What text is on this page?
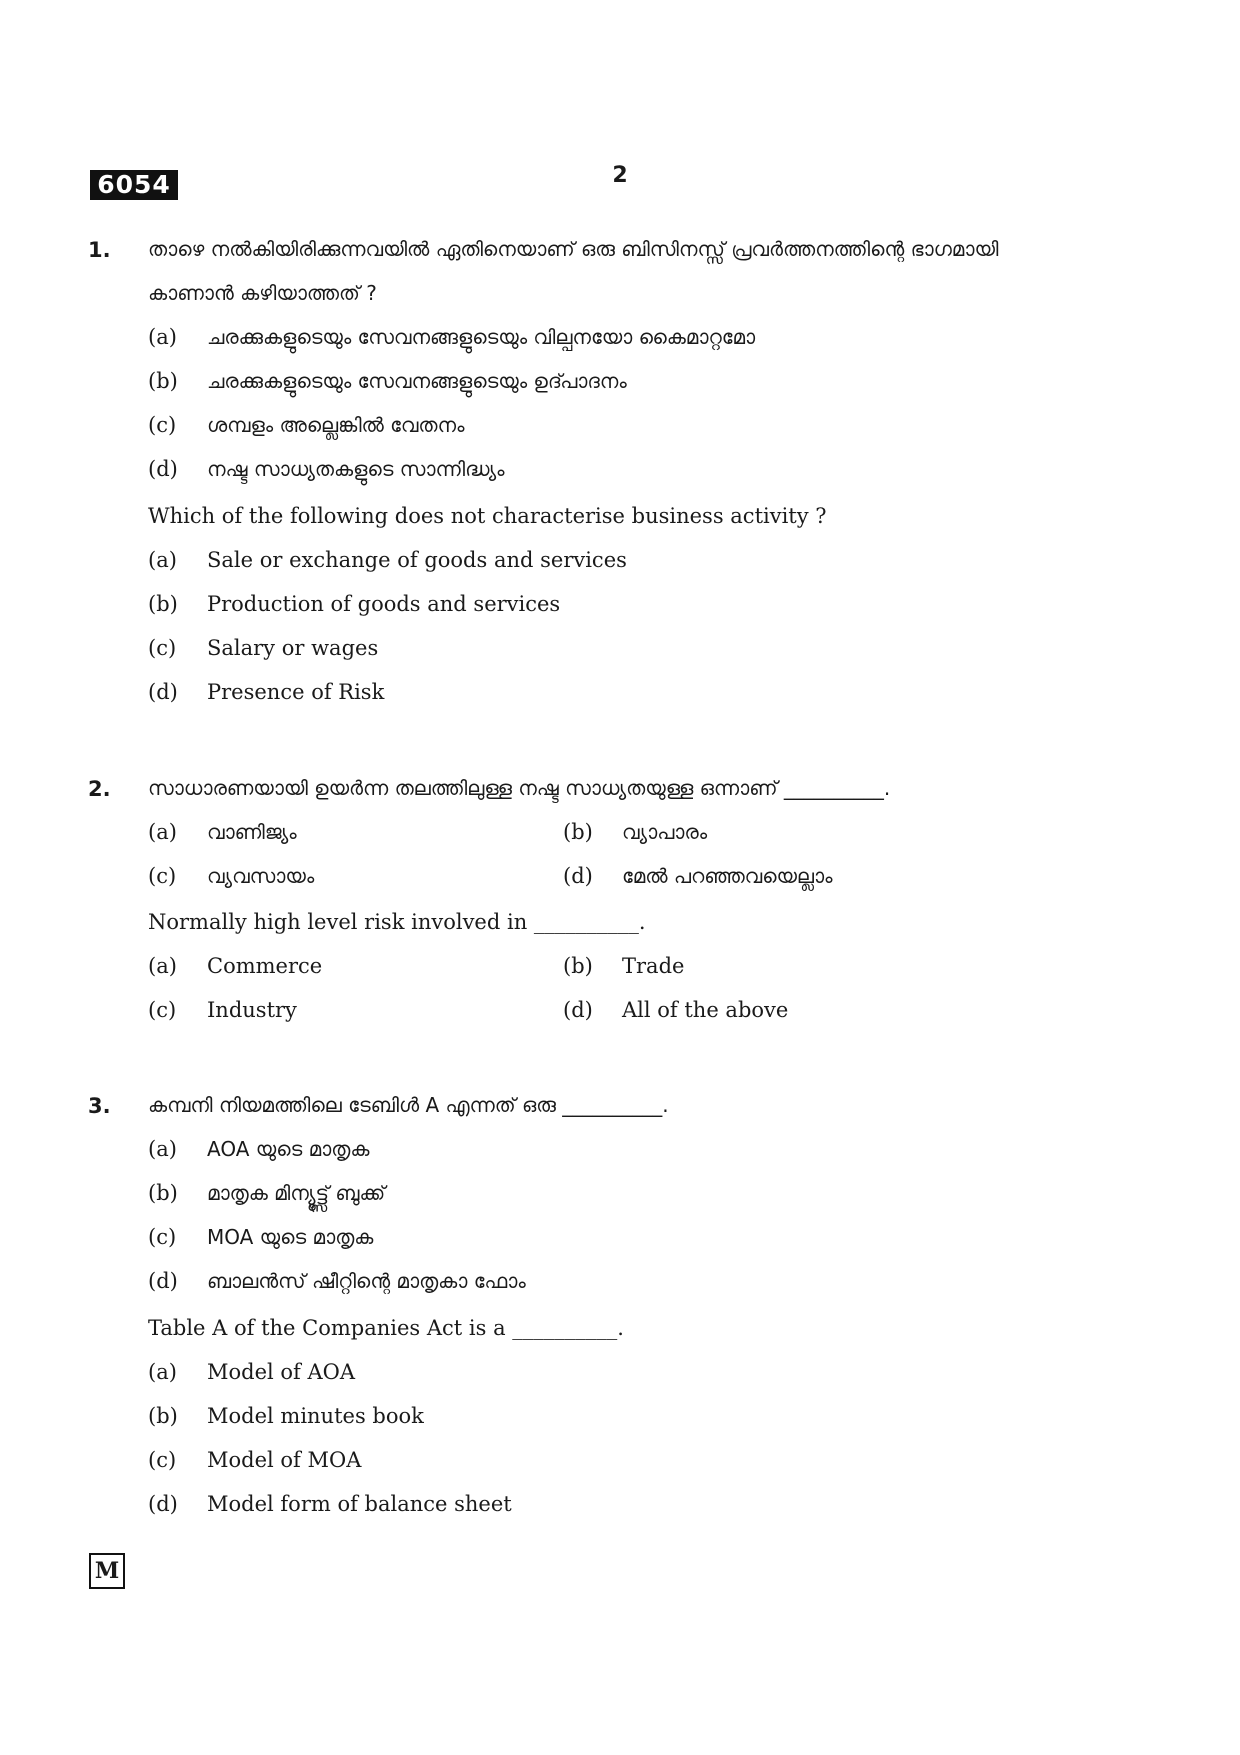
6054	2
1.	താഴെ നൽകിയിരിക്കുന്നവയിൽ ഏതിനെയാണ് ഒരു ബിസിനസ്സ് പ്രവർത്തനത്തിന്റെ ഭാഗമായി
കാണാൻ കഴിയാത്തത് ?
(a) ചരക്കുകളുടെയും സേവനങ്ങളുടെയും വില്പനയോ കൈമാറ്റമോ
(b) ചരക്കുകളുടെയും സേവനങ്ങളുടെയും ഉദ്പാദനം
(c) ശമ്പളം അല്ലെങ്കിൽ വേതനം
(d) നഷ്ട സാധ്യതകളുടെ സാന്നിദ്ധ്യം
Which of the following does not characterise business activity ?
(a) Sale or exchange of goods and services
(b) Production of goods and services
(c) Salary or wages
(d) Presence of Risk
2.	സാധാരണയായി ഉയർന്ന തലത്തിലുള്ള നഷ്ട സാധ്യതയുള്ള ഒന്നാണ് __________.
(a) വാണിജ്യം	(b) വ്യാപാരം
(c) വ്യവസായം	(d) മേൽ പറഞ്ഞവയെല്ലാം
Normally high level risk involved in __________.
(a) Commerce	(b) Trade
(c) Industry	(d) All of the above
3.	കമ്പനി നിയമത്തിലെ ടേബിൾ A എന്നത് ഒരു __________.
(a) AOA യുടെ മാതൃക
(b) മാതൃക മിന്യൂട്ട്സ് ബുക്ക്
(c) MOA യുടെ മാതൃക
(d) ബാലൻസ് ഷീറ്റിന്റെ മാതൃകാ ഫോം
Table A of the Companies Act is a __________.
(a) Model of AOA
(b) Model minutes book
(c) Model of MOA
(d) Model form of balance sheet
M
